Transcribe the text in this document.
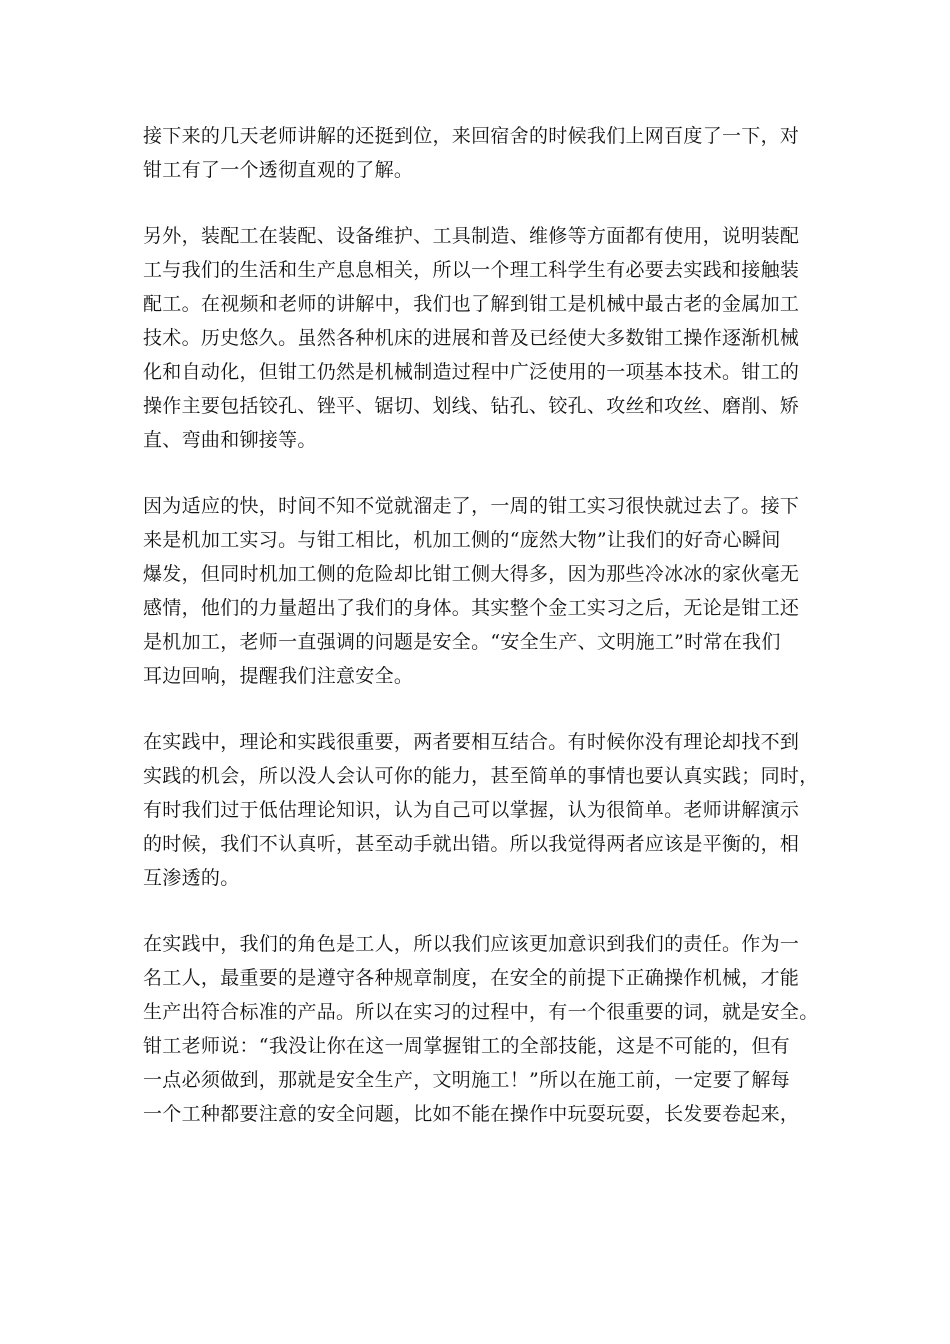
接下来的几天老师讲解的还挺到位，来回宿舍的时候我们上网百度了一下，对
钳工有了一个透彻直观的了解。
另外，装配工在装配、设备维护、工具制造、维修等方面都有使用，说明装配
工与我们的生活和生产息息相关，所以一个理工科学生有必要去实践和接触装
配工。在视频和老师的讲解中，我们也了解到钳工是机械中最古老的金属加工
技术。历史悠久。虽然各种机床的进展和普及已经使大多数钳工操作逐渐机械
化和自动化，但钳工仍然是机械制造过程中广泛使用的一项基本技术。钳工的
操作主要包括铰孔、锉平、锯切、划线、钻孔、铰孔、攻丝和攻丝、磨削、矫
直、弯曲和铆接等。
因为适应的快，时间不知不觉就溜走了，一周的钳工实习很快就过去了。接下
来是机加工实习。与钳工相比，机加工侧的“庞然大物”让我们的好奇心瞬间
爆发，但同时机加工侧的危险却比钳工侧大得多，因为那些冷冰冰的家伙毫无
感情，他们的力量超出了我们的身体。其实整个金工实习之后，无论是钳工还
是机加工，老师一直强调的问题是安全。“安全生产、文明施工”时常在我们
耳边回响，提醒我们注意安全。
在实践中，理论和实践很重要，两者要相互结合。有时候你没有理论却找不到
实践的机会，所以没人会认可你的能力，甚至简单的事情也要认真实践；同时，
有时我们过于低估理论知识，认为自己可以掌握，认为很简单。老师讲解演示
的时候，我们不认真听，甚至动手就出错。所以我觉得两者应该是平衡的，相
互渗透的。
在实践中，我们的角色是工人，所以我们应该更加意识到我们的责任。作为一
名工人，最重要的是遵守各种规章制度，在安全的前提下正确操作机械，才能
生产出符合标准的产品。所以在实习的过程中，有一个很重要的词，就是安全。
钳工老师说：“我没让你在这一周掌握钳工的全部技能，这是不可能的，但有
一点必须做到，那就是安全生产，文明施工！”所以在施工前，一定要了解每
一个工种都要注意的安全问题，比如不能在操作中玩耍玩耍，长发要卷起来，
